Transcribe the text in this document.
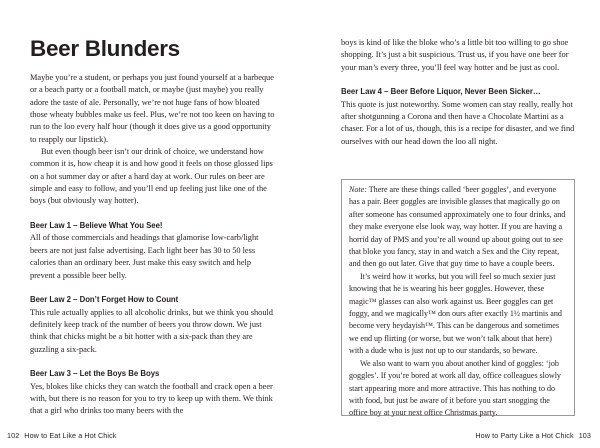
Beer Blunders

Maybe you’re a student, or perhaps you just found yourself at a barbeque or a beach party or a football match, or maybe (just maybe) you really adore the taste of ale. Personally, we’re not huge fans of how bloated those wheaty bubbles make us feel. Plus, we’re not too keen on having to run to the loo every half hour (though it does give us a good opportunity to reapply our lipstick).

But even though beer isn’t our drink of choice, we understand how common it is, how cheap it is and how good it feels on those glossed lips on a hot summer day or after a hard day at work. Our rules on beer are simple and easy to follow, and you’ll end up feeling just like one of the boys (but obviously way hotter).

Beer Law 1 – Believe What You See!

All of those commercials and headings that glamorise low-carb/light beers are not just false advertising. Each light beer has 30 to 50 less calories than an ordinary beer. Just make this easy switch and help prevent a possible beer belly.

Beer Law 2 – Don’t Forget How to Count

This rule actually applies to all alcoholic drinks, but we think you should definitely keep track of the number of beers you throw down. We just think that chicks might be a bit hotter with a six-pack than they are guzzling a six-pack.

Beer Law 3 – Let the Boys Be Boys

Yes, blokes like chicks they can watch the football and crack open a beer with, but there is no reason for you to try to keep up with them. We think that a girl who drinks too many beers with the

102 How to Eat Like a Hot Chick

boys is kind of like the bloke who’s a little bit too willing to go shoe shopping. It’s just a bit suspicious. Trust us, if you have one beer for your man’s every three, you’ll feel way hotter and be just as cool.

Beer Law 4 – Beer Before Liquor, Never Been Sicker…

This quote is just noteworthy. Some women can stay really, really hot after shotgunning a Corona and then have a Chocolate Martini as a chaser. For a lot of us, though, this is a recipe for disaster, and we find ourselves with our head down the loo all night.

Note: There are these things called ‘beer goggles’, and everyone has a pair. Beer goggles are invisible glasses that magically go on after someone has consumed approximately one to four drinks, and they make everyone else look way, way hotter. If you are having a horrid day of PMS and you’re all wound up about going out to see that bloke you fancy, stay in and watch a Sex and the City repeat, and then go out later. Give that guy time to have a couple beers.

It’s weird how it works, but you will feel so much sexier just knowing that he is wearing his beer goggles. However, these magic™ glasses can also work against us. Beer goggles can get foggy, and we magically™ don ours after exactly 1½ martinis and become very heydayish™. This can be dangerous and sometimes we end up flirting (or worse, but we won’t talk about that here) with a dude who is just not up to our standards, so beware.

We also want to warn you about another kind of goggles: ‘job goggles’. If you’re bored at work all day, office colleagues slowly start appearing more and more attractive. This has nothing to do with food, but just be aware of it before you start snogging the office boy at your next office Christmas party.

How to Party Like a Hot Chick 103
